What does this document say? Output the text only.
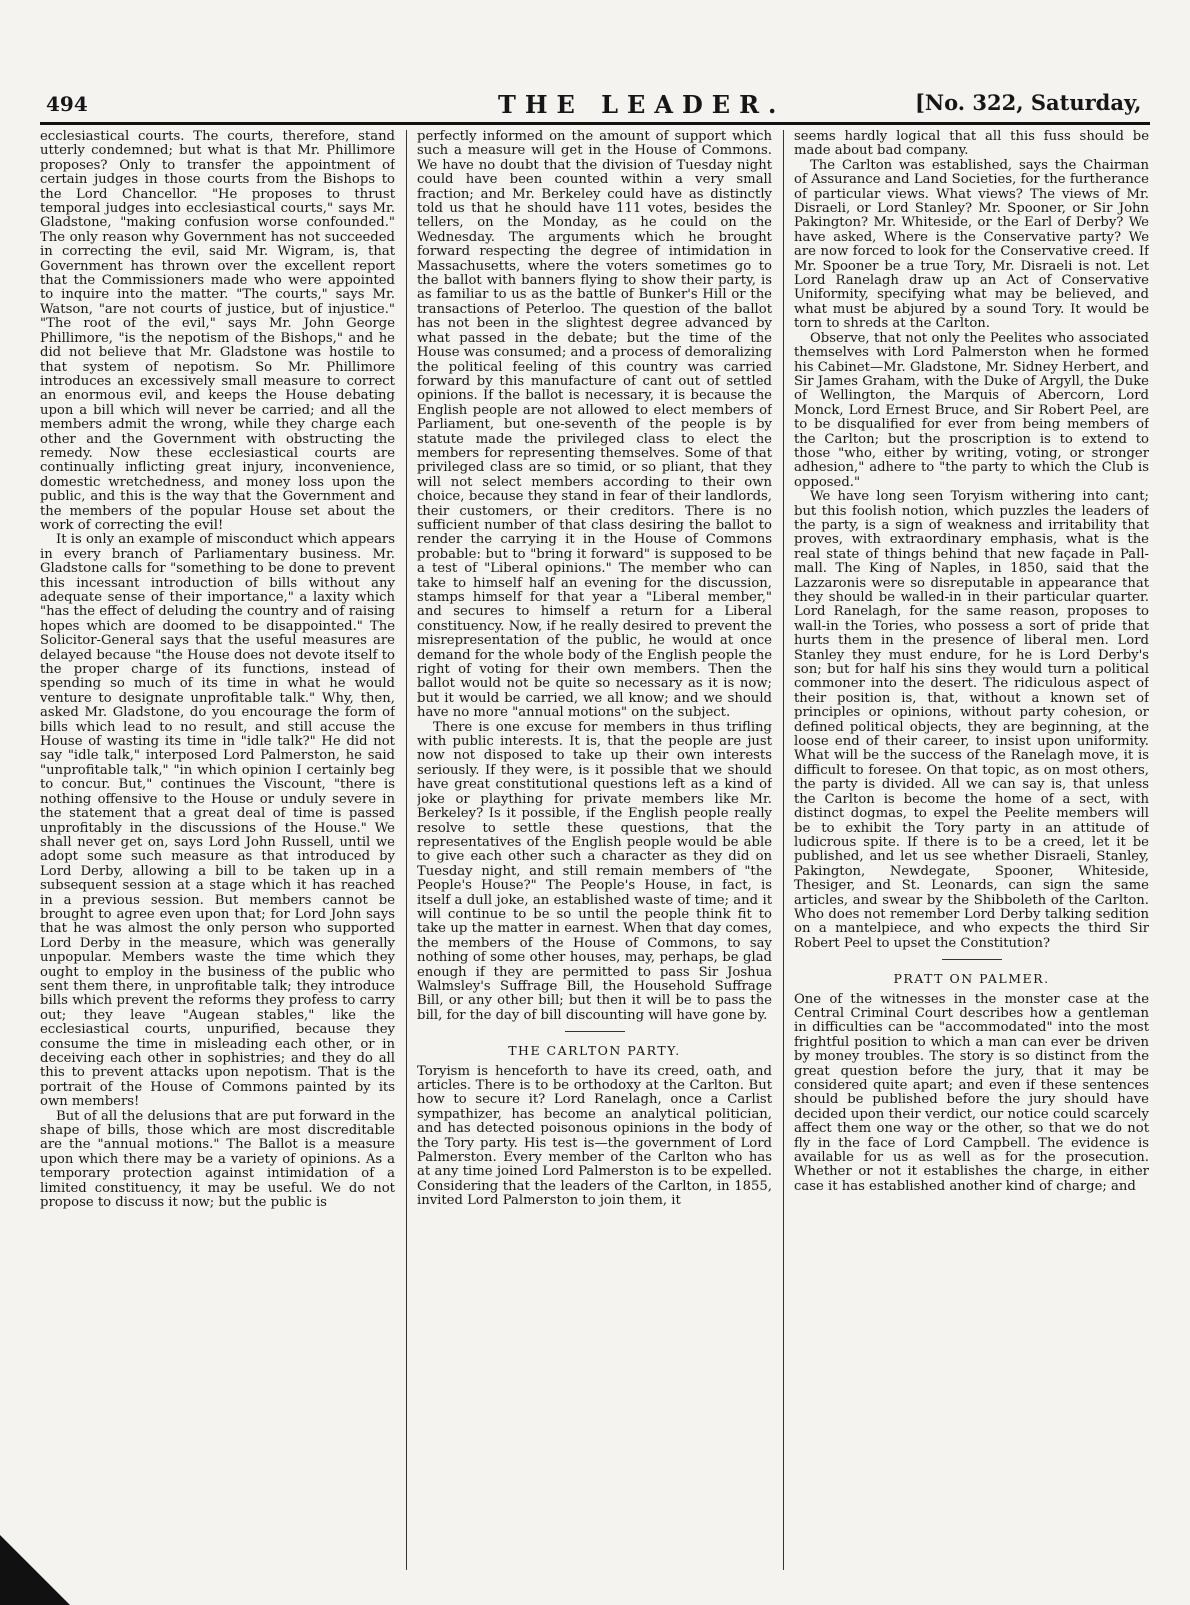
494	THE LEADER.	[No. 322, Saturday,

ecclesiastical courts. The courts, therefore, stand utterly condemned; but what is that Mr. Phillimore proposes? Only to transfer the appointment of certain judges in those courts from the Bishops to the Lord Chancellor. "He proposes to thrust temporal judges into ecclesiastical courts," says Mr. Gladstone, "making confusion worse confounded." The only reason why Government has not succeeded in correcting the evil, said Mr. Wigram, is, that Government has thrown over the excellent report that the Commissioners made who were appointed to inquire into the matter. "The courts," says Mr. Watson, "are not courts of justice, but of injustice." "The root of the evil," says Mr. John George Phillimore, "is the nepotism of the Bishops," and he did not believe that Mr. Gladstone was hostile to that system of nepotism. So Mr. Phillimore introduces an excessively small measure to correct an enormous evil, and keeps the House debating upon a bill which will never be carried; and all the members admit the wrong, while they charge each other and the Government with obstructing the remedy. Now these ecclesiastical courts are continually inflicting great injury, inconvenience, domestic wretchedness, and money loss upon the public, and this is the way that the Government and the members of the popular House set about the work of correcting the evil!

It is only an example of misconduct which appears in every branch of Parliamentary business. Mr. Gladstone calls for "something to be done to prevent this incessant introduction of bills without any adequate sense of their importance," a laxity which "has the effect of deluding the country and of raising hopes which are doomed to be disappointed." The Solicitor-General says that the useful measures are delayed because "the House does not devote itself to the proper charge of its functions, instead of spending so much of its time in what he would venture to designate unprofitable talk." Why, then, asked Mr. Gladstone, do you encourage the form of bills which lead to no result, and still accuse the House of wasting its time in "idle talk?" He did not say "idle talk," interposed Lord Palmerston, he said "unprofitable talk," "in which opinion I certainly beg to concur. But," continues the Viscount, "there is nothing offensive to the House or unduly severe in the statement that a great deal of time is passed unprofitably in the discussions of the House." We shall never get on, says Lord John Russell, until we adopt some such measure as that introduced by Lord Derby, allowing a bill to be taken up in a subsequent session at a stage which it has reached in a previous session. But members cannot be brought to agree even upon that; for Lord John says that he was almost the only person who supported Lord Derby in the measure, which was generally unpopular. Members waste the time which they ought to employ in the business of the public who sent them there, in unprofitable talk; they introduce bills which prevent the reforms they profess to carry out; they leave "Augean stables," like the ecclesiastical courts, unpurified, because they consume the time in misleading each other, or in deceiving each other in sophistries; and they do all this to prevent attacks upon nepotism. That is the portrait of the House of Commons painted by its own members!

But of all the delusions that are put forward in the shape of bills, those which are most discreditable are the "annual motions." The Ballot is a measure upon which there may be a variety of opinions. As a temporary protection against intimidation of a limited constituency, it may be useful. We do not propose to discuss it now; but the public is

perfectly informed on the amount of support which such a measure will get in the House of Commons. We have no doubt that the division of Tuesday night could have been counted within a very small fraction; and Mr. Berkeley could have as distinctly told us that he should have 111 votes, besides the tellers, on the Monday, as he could on the Wednesday. The arguments which he brought forward respecting the degree of intimidation in Massachusetts, where the voters sometimes go to the ballot with banners flying to show their party, is as familiar to us as the battle of Bunker's Hill or the transactions of Peterloo. The question of the ballot has not been in the slightest degree advanced by what passed in the debate; but the time of the House was consumed; and a process of demoralizing the political feeling of this country was carried forward by this manufacture of cant out of settled opinions. If the ballot is necessary, it is because the English people are not allowed to elect members of Parliament, but one-seventh of the people is by statute made the privileged class to elect the members for representing themselves. Some of that privileged class are so timid, or so pliant, that they will not select members according to their own choice, because they stand in fear of their landlords, their customers, or their creditors. There is no sufficient number of that class desiring the ballot to render the carrying it in the House of Commons probable: but to "bring it forward" is supposed to be a test of "Liberal opinions." The member who can take to himself half an evening for the discussion, stamps himself for that year a "Liberal member," and secures to himself a return for a Liberal constituency. Now, if he really desired to prevent the misrepresentation of the public, he would at once demand for the whole body of the English people the right of voting for their own members. Then the ballot would not be quite so necessary as it is now; but it would be carried, we all know; and we should have no more "annual motions" on the subject.

There is one excuse for members in thus trifling with public interests. It is, that the people are just now not disposed to take up their own interests seriously. If they were, is it possible that we should have great constitutional questions left as a kind of joke or plaything for private members like Mr. Berkeley? Is it possible, if the English people really resolve to settle these questions, that the representatives of the English people would be able to give each other such a character as they did on Tuesday night, and still remain members of "the People's House?" The People's House, in fact, is itself a dull joke, an established waste of time; and it will continue to be so until the people think fit to take up the matter in earnest. When that day comes, the members of the House of Commons, to say nothing of some other houses, may, perhaps, be glad enough if they are permitted to pass Sir Joshua Walmsley's Suffrage Bill, the Household Suffrage Bill, or any other bill; but then it will be to pass the bill, for the day of bill discounting will have gone by.

THE CARLTON PARTY.

Toryism is henceforth to have its creed, oath, and articles. There is to be orthodoxy at the Carlton. But how to secure it? Lord Ranelagh, once a Carlist sympathizer, has become an analytical politician, and has detected poisonous opinions in the body of the Tory party. His test is—the government of Lord Palmerston. Every member of the Carlton who has at any time joined Lord Palmerston is to be expelled. Considering that the leaders of the Carlton, in 1855, invited Lord Palmerston to join them, it

seems hardly logical that all this fuss should be made about bad company.

The Carlton was established, says the Chairman of Assurance and Land Societies, for the furtherance of particular views. What views? The views of Mr. Disraeli, or Lord Stanley? Mr. Spooner, or Sir John Pakington? Mr. Whiteside, or the Earl of Derby? We have asked, Where is the Conservative party? We are now forced to look for the Conservative creed. If Mr. Spooner be a true Tory, Mr. Disraeli is not. Let Lord Ranelagh draw up an Act of Conservative Uniformity, specifying what may be believed, and what must be abjured by a sound Tory. It would be torn to shreds at the Carlton.

Observe, that not only the Peelites who associated themselves with Lord Palmerston when he formed his Cabinet—Mr. Gladstone, Mr. Sidney Herbert, and Sir James Graham, with the Duke of Argyll, the Duke of Wellington, the Marquis of Abercorn, Lord Monck, Lord Ernest Bruce, and Sir Robert Peel, are to be disqualified for ever from being members of the Carlton; but the proscription is to extend to those "who, either by writing, voting, or stronger adhesion," adhere to "the party to which the Club is opposed."

We have long seen Toryism withering into cant; but this foolish notion, which puzzles the leaders of the party, is a sign of weakness and irritability that proves, with extraordinary emphasis, what is the real state of things behind that new façade in Pall-mall. The King of Naples, in 1850, said that the Lazzaronis were so disreputable in appearance that they should be walled-in in their particular quarter. Lord Ranelagh, for the same reason, proposes to wall-in the Tories, who possess a sort of pride that hurts them in the presence of liberal men. Lord Stanley they must endure, for he is Lord Derby's son; but for half his sins they would turn a political commoner into the desert. The ridiculous aspect of their position is, that, without a known set of principles or opinions, without party cohesion, or defined political objects, they are beginning, at the loose end of their career, to insist upon uniformity. What will be the success of the Ranelagh move, it is difficult to foresee. On that topic, as on most others, the party is divided. All we can say is, that unless the Carlton is become the home of a sect, with distinct dogmas, to expel the Peelite members will be to exhibit the Tory party in an attitude of ludicrous spite. If there is to be a creed, let it be published, and let us see whether Disraeli, Stanley, Pakington, Newdegate, Spooner, Whiteside, Thesiger, and St. Leonards, can sign the same articles, and swear by the Shibboleth of the Carlton. Who does not remember Lord Derby talking sedition on a mantelpiece, and who expects the third Sir Robert Peel to upset the Constitution?

PRATT ON PALMER.

One of the witnesses in the monster case at the Central Criminal Court describes how a gentleman in difficulties can be "accommodated" into the most frightful position to which a man can ever be driven by money troubles. The story is so distinct from the great question before the jury, that it may be considered quite apart; and even if these sentences should be published before the jury should have decided upon their verdict, our notice could scarcely affect them one way or the other, so that we do not fly in the face of Lord Campbell. The evidence is available for us as well as for the prosecution. Whether or not it establishes the charge, in either case it has established another kind of charge; and
